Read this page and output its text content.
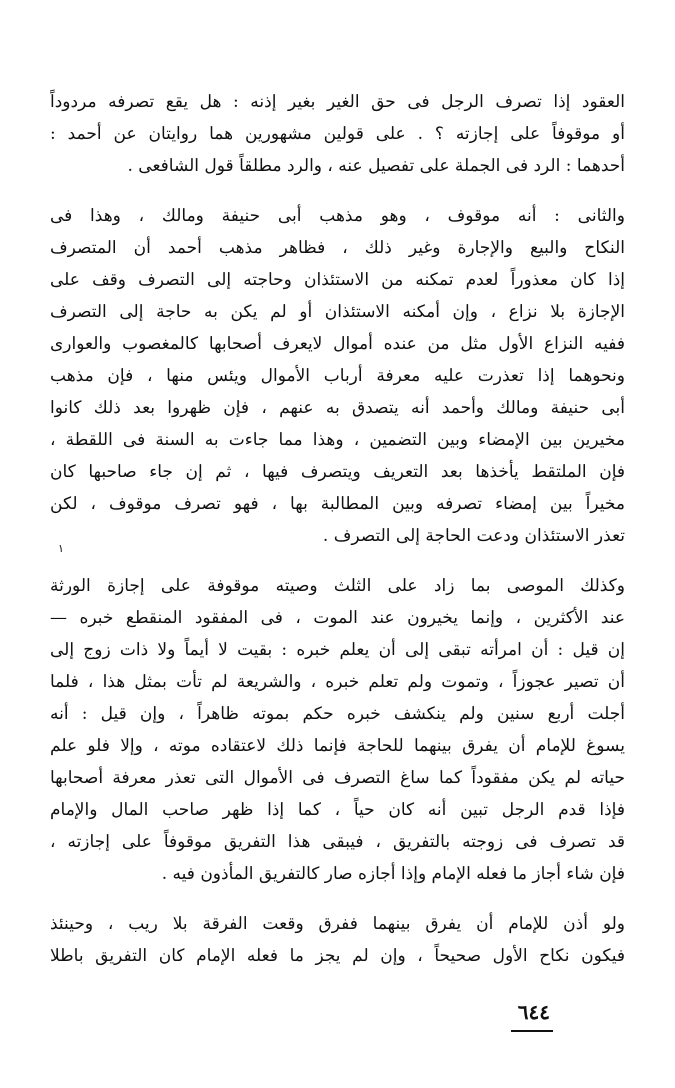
العقود إذا تصرف الرجل فى حق الغير بغير إذنه : هل يقع تصرفه مردوداً
أو موقوفاً على إجازته ؟ . على قولين مشهورين هما روايتان عن أحمد :
أحدهما : الرد فى الجملة على تفصيل عنه ، والرد مطلقاً قول الشافعى .
والثانى : أنه موقوف ، وهو مذهب أبى حنيفة ومالك ، وهذا فى
النكاح والبيع والإجارة وغير ذلك ، فظاهر مذهب أحمد أن المتصرف
إذا كان معذوراً لعدم تمكنه من الاستئذان وحاجته إلى التصرف وقف على
الإجازة بلا نزاع ، وإن أمكنه الاستئذان أو لم يكن به حاجة إلى التصرف
ففيه النزاع الأول مثل من عنده أموال لايعرف أصحابها كالمغصوب والعوارى
ونحوهما إذا تعذرت عليه معرفة أرباب الأموال ويئس منها ، فإن مذهب
أبى حنيفة ومالك وأحمد أنه يتصدق به عنهم ، فإن ظهروا بعد ذلك كانوا
مخيرين بين الإمضاء وبين التضمين ، وهذا مما جاءت به السنة فى اللقطة ،
فإن الملتقط يأخذها بعد التعريف ويتصرف فيها ، ثم إن جاء صاحبها كان
مخيراً بين إمضاء تصرفه وبين المطالبة بها ، فهو تصرف موقوف ، لكن
تعذر الاستئذان ودعت الحاجة إلى التصرف .
وكذلك الموصى بما زاد على الثلث وصيته موقوفة على إجازة الورثة
عند الأكثرين ، وإنما يخيرون عند الموت ، فى المفقود المنقطع خبره —
إن قيل : أن امرأته تبقى إلى أن يعلم خبره : بقيت لا أيماً ولا ذات زوج إلى
أن تصير عجوزاً ، وتموت ولم تعلم خبره ، والشريعة لم تأت بمثل هذا ، فلما
أجلت أربع سنين ولم ينكشف خبره حكم بموته ظاهراً ، وإن قيل : أنه
يسوغ للإمام أن يفرق بينهما للحاجة فإنما ذلك لاعتقاده موته ، وإلا فلو علم
حياته لم يكن مفقوداً كما ساغ التصرف فى الأموال التى تعذر معرفة أصحابها
فإذا قدم الرجل تبين أنه كان حياً ، كما إذا ظهر صاحب المال والإمام
قد تصرف فى زوجته بالتفريق ، فيبقى هذا التفريق موقوفاً على إجازته ،
فإن شاء أجاز ما فعله الإمام وإذا أجازه صار كالتفريق المأذون فيه .
ولو أذن للإمام أن يفرق بينهما ففرق وقعت الفرقة بلا ريب ، وحينئذ
فيكون نكاح الأول صحيحاً ، وإن لم يجز ما فعله الإمام كان التفريق باطلا
١
٦٤٤
